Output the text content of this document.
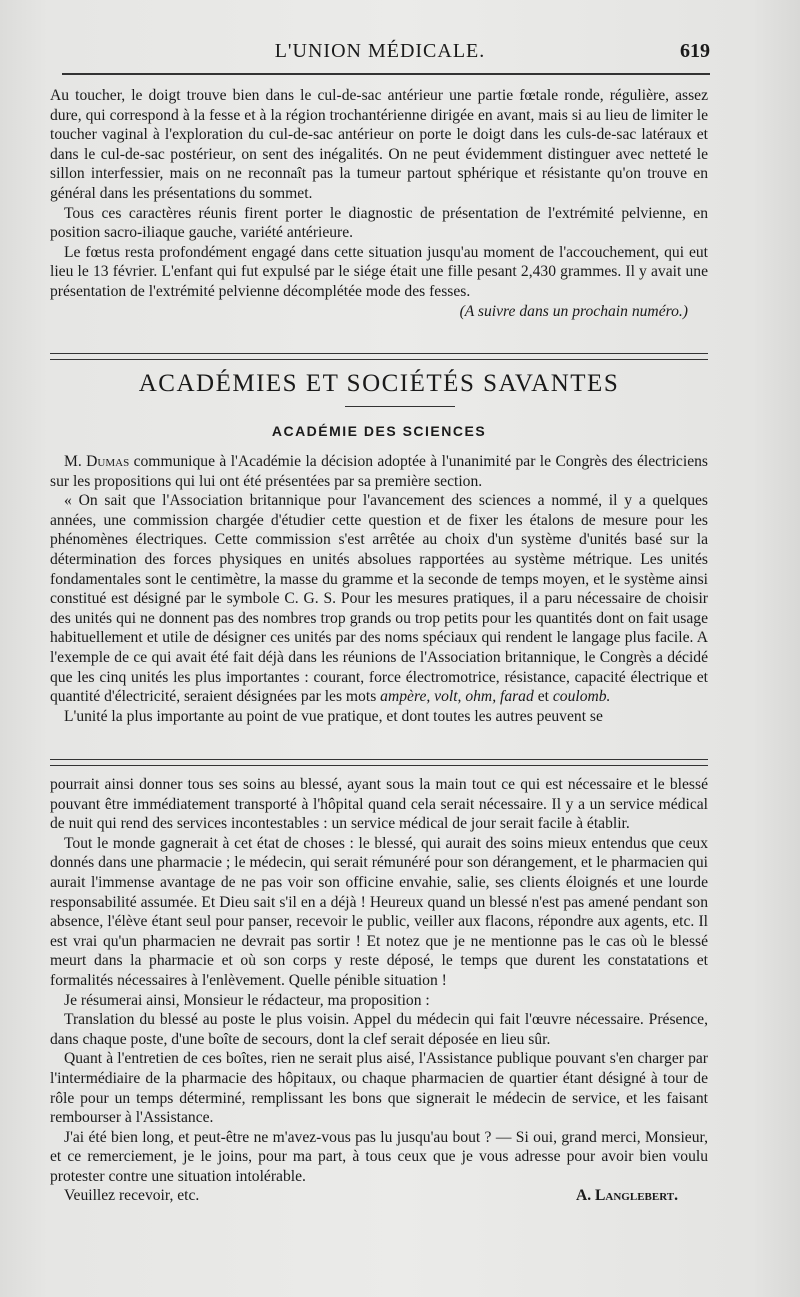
L'UNION MÉDICALE.	619

Au toucher, le doigt trouve bien dans le cul-de-sac antérieur une partie fœtale ronde, régulière, assez dure, qui correspond à la fesse et à la région trochantérienne dirigée en avant, mais si au lieu de limiter le toucher vaginal à l'exploration du cul-de-sac antérieur on porte le doigt dans les culs-de-sac latéraux et dans le cul-de-sac postérieur, on sent des inégalités. On ne peut évidemment distinguer avec netteté le sillon interfessier, mais on ne reconnaît pas la tumeur partout sphérique et résistante qu'on trouve en général dans les présentations du sommet.

Tous ces caractères réunis firent porter le diagnostic de présentation de l'extrémité pelvienne, en position sacro-iliaque gauche, variété antérieure.

Le fœtus resta profondément engagé dans cette situation jusqu'au moment de l'accouchement, qui eut lieu le 13 février. L'enfant qui fut expulsé par le siége était une fille pesant 2,430 grammes. Il y avait une présentation de l'extrémité pelvienne décomplétée mode des fesses.

(A suivre dans un prochain numéro.)

ACADÉMIES ET SOCIÉTÉS SAVANTES
ACADÉMIE DES SCIENCES

M. Dumas communique à l'Académie la décision adoptée à l'unanimité par le Congrès des électriciens sur les propositions qui lui ont été présentées par sa première section.

« On sait que l'Association britannique pour l'avancement des sciences a nommé, il y a quelques années, une commission chargée d'étudier cette question et de fixer les étalons de mesure pour les phénomènes électriques. Cette commission s'est arrêtée au choix d'un système d'unités basé sur la détermination des forces physiques en unités absolues rapportées au système métrique. Les unités fondamentales sont le centimètre, la masse du gramme et la seconde de temps moyen, et le système ainsi constitué est désigné par le symbole C. G. S. Pour les mesures pratiques, il a paru nécessaire de choisir des unités qui ne donnent pas des nombres trop grands ou trop petits pour les quantités dont on fait usage habituellement et utile de désigner ces unités par des noms spéciaux qui rendent le langage plus facile. A l'exemple de ce qui avait été fait déjà dans les réunions de l'Association britannique, le Congrès a décidé que les cinq unités les plus importantes : courant, force électromotrice, résistance, capacité électrique et quantité d'électricité, seraient désignées par les mots ampère, volt, ohm, farad et coulomb.

L'unité la plus importante au point de vue pratique, et dont toutes les autres peuvent se

pourrait ainsi donner tous ses soins au blessé, ayant sous la main tout ce qui est nécessaire et le blessé pouvant être immédiatement transporté à l'hôpital quand cela serait nécessaire. Il y a un service médical de nuit qui rend des services incontestables : un service médical de jour serait facile à établir.

Tout le monde gagnerait à cet état de choses : le blessé, qui aurait des soins mieux entendus que ceux donnés dans une pharmacie ; le médecin, qui serait rémunéré pour son dérangement, et le pharmacien qui aurait l'immense avantage de ne pas voir son officine envahie, salie, ses clients éloignés et une lourde responsabilité assumée. Et Dieu sait s'il en a déjà ! Heureux quand un blessé n'est pas amené pendant son absence, l'élève étant seul pour panser, recevoir le public, veiller aux flacons, répondre aux agents, etc. Il est vrai qu'un pharmacien ne devrait pas sortir ! Et notez que je ne mentionne pas le cas où le blessé meurt dans la pharmacie et où son corps y reste déposé, le temps que durent les constatations et formalités nécessaires à l'enlèvement. Quelle pénible situation !

Je résumerai ainsi, Monsieur le rédacteur, ma proposition :

Translation du blessé au poste le plus voisin. Appel du médecin qui fait l'œuvre nécessaire. Présence, dans chaque poste, d'une boîte de secours, dont la clef serait déposée en lieu sûr.

Quant à l'entretien de ces boîtes, rien ne serait plus aisé, l'Assistance publique pouvant s'en charger par l'intermédiaire de la pharmacie des hôpitaux, ou chaque pharmacien de quartier étant désigné à tour de rôle pour un temps déterminé, remplissant les bons que signerait le médecin de service, et les faisant rembourser à l'Assistance.

J'ai été bien long, et peut-être ne m'avez-vous pas lu jusqu'au bout ? — Si oui, grand merci, Monsieur, et ce remerciement, je le joins, pour ma part, à tous ceux que je vous adresse pour avoir bien voulu protester contre une situation intolérable.

Veuillez recevoir, etc.	A. Langlebert.
